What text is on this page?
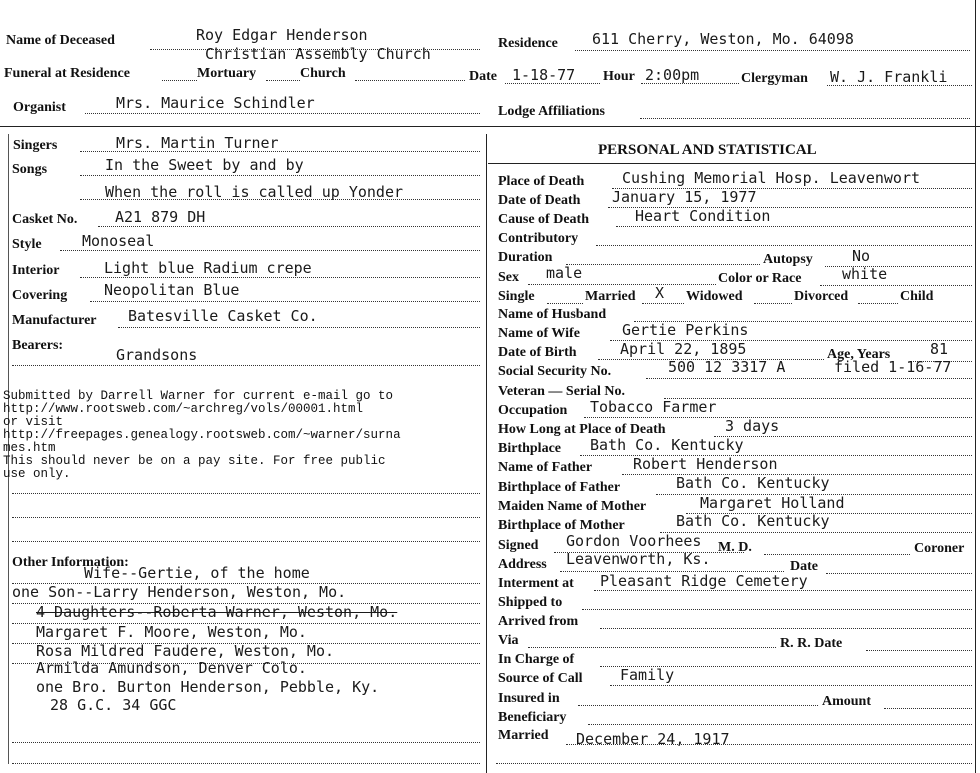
Name of Deceased	Roy Edgar Henderson
Christian Assembly Church
Residence 611 Cherry, Weston, Mo. 64098
Funeral at Residence	Mortuary	Church	Date 1-18-77 Hour 2:00pm	Clergyman W. J. Frankli
Organist	Mrs. Maurice Schindler	Lodge Affiliations
Singers	Mrs. Martin Turner
Songs	In the Sweet by and by
When the roll is called up Yonder
Casket No.	A21 879 DH
Style	Monoseal
Interior	Light blue Radium crepe
Covering Neopolitan Blue
Manufacturer Batesville Casket Co.
Bearers:
Grandsons
Submitted by Darrell Warner for current e-mail go to
http://www.rootsweb.com/~archreg/vols/00001.html
or visit
http://freepages.genealogy.rootsweb.com/~warner/surna
mes.htm
This should never be on a pay site. For free public
use only.
Other Information:
Wife--Gertie, of the home
one Son--Larry Henderson, Weston, Mo.
4 Daughters--Roberta Warner, Weston, Mo.
Margaret F. Moore, Weston, Mo.
Rosa Mildred Faudere, Weston, Mo.
Armilda Amundson, Denver Colo.
one Bro. Burton Henderson, Pebble, Ky.
28 G.C. 34 GGC
PERSONAL AND STATISTICAL
Place of Death	Cushing Memorial Hosp. Leavenwort
Date of Death January 15, 1977
Cause of Death	Heart Condition
Contributory
Duration	Autopsy	No
Sex male	Color or Race	white
Single	Married X Widowed	Divorced	Child
Name of Husband
Name of Wife	Gertie Perkins
Date of Birth	April 22, 1895	Age, Years	81
Social Security No.	500 12 3317 A	filed 1-16-77
Veteran — Serial No.
Occupation Tobacco Farmer
How Long at Place of Death	3 days
Birthplace Bath Co. Kentucky
Name of Father	Robert Henderson
Birthplace of Father	Bath Co. Kentucky
Maiden Name of Mother	Margaret Holland
Birthplace of Mother	Bath Co. Kentucky
Signed Gordon Voorhees M. D.	Coroner
Address Leavenworth, Ks.	Date
Interment at Pleasant Ridge Cemetery
Shipped to
Arrived from
Via	R. R. Date
In Charge of
Source of Call Family
Insured in	Amount
Beneficiary
Married December 24, 1917
